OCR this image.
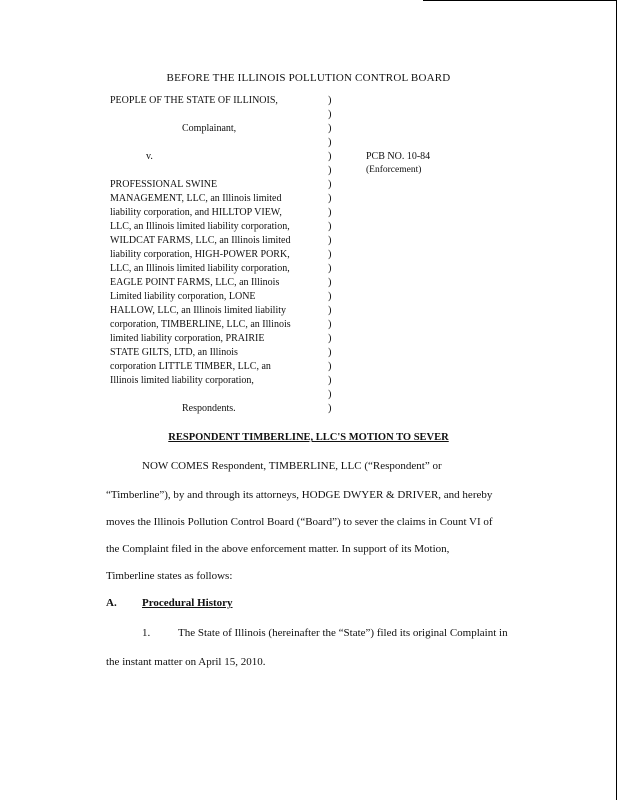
BEFORE THE ILLINOIS POLLUTION CONTROL BOARD
PEOPLE OF THE STATE OF ILLINOIS,
Complainant,
v.
PROFESSIONAL SWINE
MANAGEMENT, LLC, an Illinois limited
liability corporation, and HILLTOP VIEW,
LLC, an Illinois limited liability corporation,
WILDCAT FARMS, LLC, an Illinois limited
liability corporation, HIGH-POWER PORK,
LLC, an Illinois limited liability corporation,
EAGLE POINT FARMS, LLC, an Illinois
Limited liability corporation, LONE
HALLOW, LLC, an Illinois limited liability
corporation, TIMBERLINE, LLC, an Illinois
limited liability corporation, PRAIRIE
STATE GILTS, LTD, an Illinois
corporation LITTLE TIMBER, LLC, an
Illinois limited liability corporation,
Respondents.
)
)
)
)
)
)
)
)
)
)
)
)
)
)
)
)
)
)
)
)
)
)
)
PCB NO. 10-84
(Enforcement)
RESPONDENT TIMBERLINE, LLC'S MOTION TO SEVER
NOW COMES Respondent, TIMBERLINE, LLC (“Respondent” or
“Timberline”), by and through its attorneys, HODGE DWYER & DRIVER, and hereby
moves the Illinois Pollution Control Board (“Board”) to sever the claims in Count VI of
the Complaint filed in the above enforcement matter. In support of its Motion,
Timberline states as follows:
A. Procedural History
1.	The State of Illinois (hereinafter the “State”) filed its original Complaint in
the instant matter on April 15, 2010.
